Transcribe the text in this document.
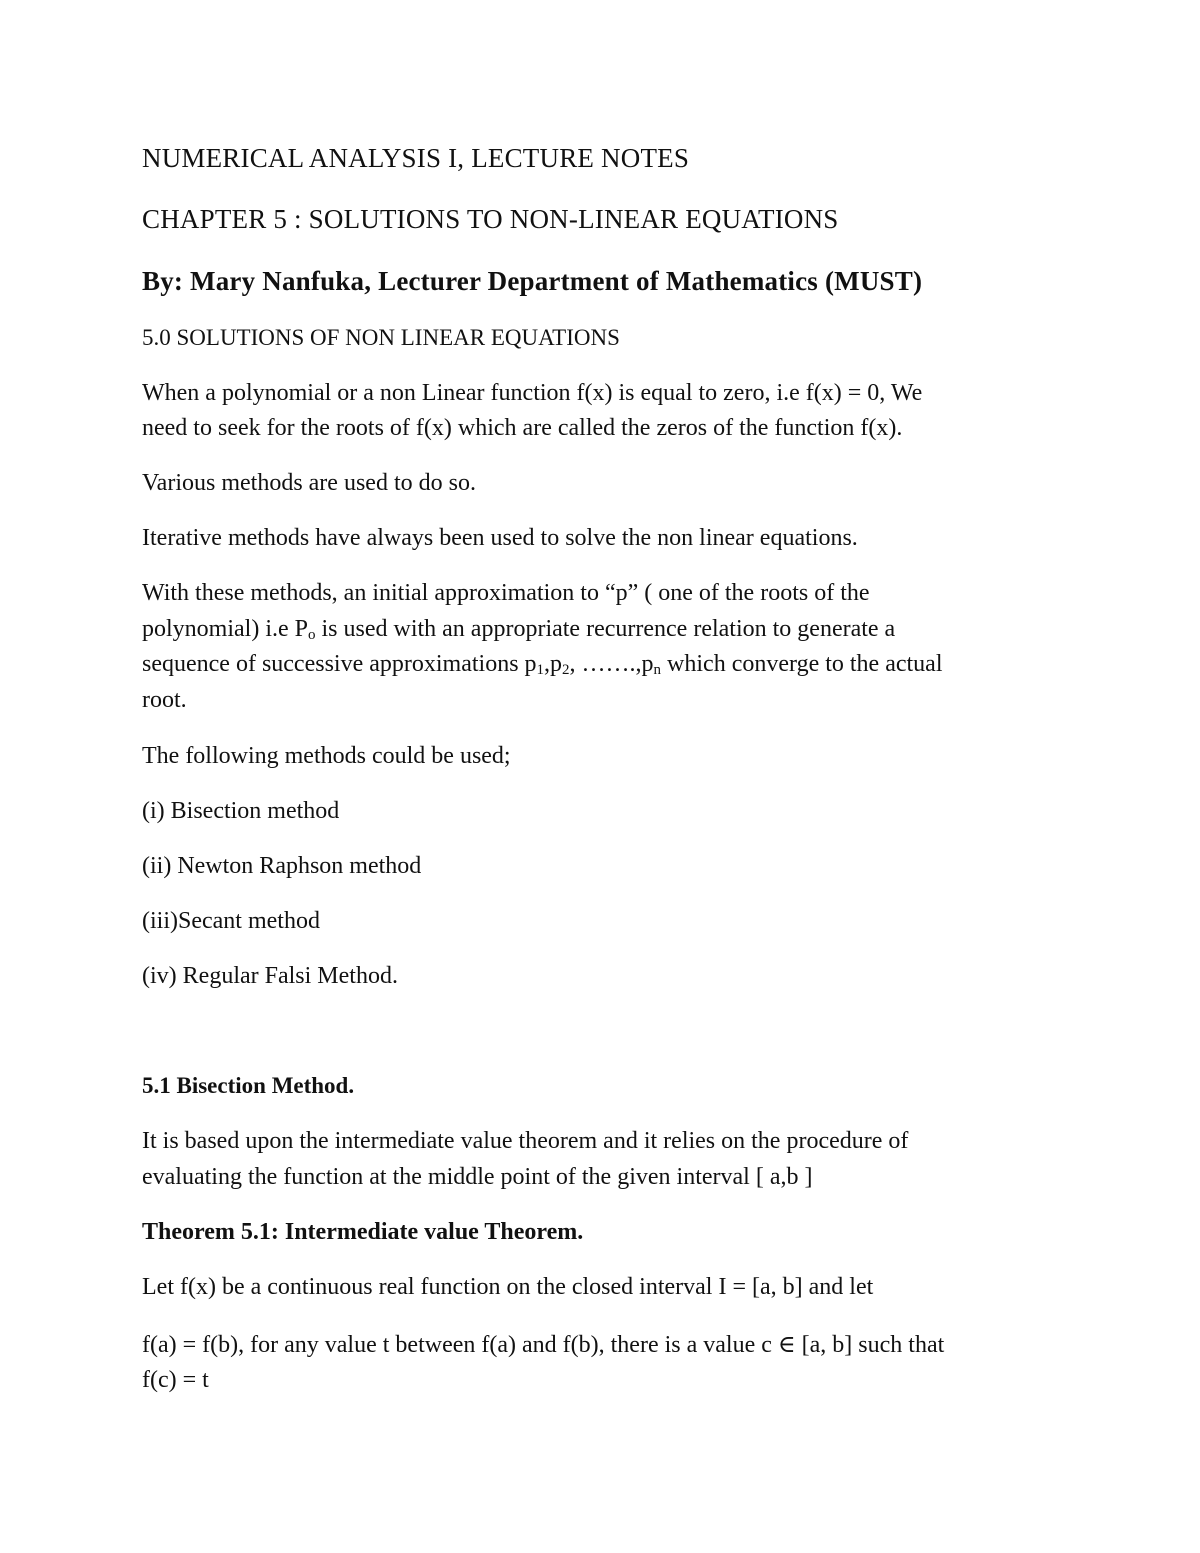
NUMERICAL ANALYSIS I, LECTURE NOTES
CHAPTER 5 : SOLUTIONS TO NON-LINEAR EQUATIONS
By: Mary Nanfuka, Lecturer Department of Mathematics (MUST)
5.0 SOLUTIONS OF NON LINEAR EQUATIONS
When a polynomial or a non Linear function f(x) is equal to zero, i.e f(x) = 0, We
need to seek for the roots of f(x) which are called the zeros of the function f(x).
Various methods are used to do so.
Iterative methods have always been used to solve the non linear equations.
With these methods, an initial approximation to “p” ( one of the roots of the
polynomial) i.e $P_o$ is used with an appropriate recurrence relation to generate a
sequence of successive approximations $p_1,p_2$, $\dots\dots.,p_n$ which converge to the actual
root.
The following methods could be used;
(i) Bisection method
(ii) Newton Raphson method
(iii)Secant method
(iv) Regular Falsi Method.
5.1 Bisection Method.
It is based upon the intermediate value theorem and it relies on the procedure of
evaluating the function at the middle point of the given interval [ a,b ]
Theorem 5.1: Intermediate value Theorem.
Let f(x) be a continuous real function on the closed interval I = [a, b] and let
f(a) = f(b), for any value t between f(a) and f(b), there is a value c ∈ [a, b] such that
f(c) = t
